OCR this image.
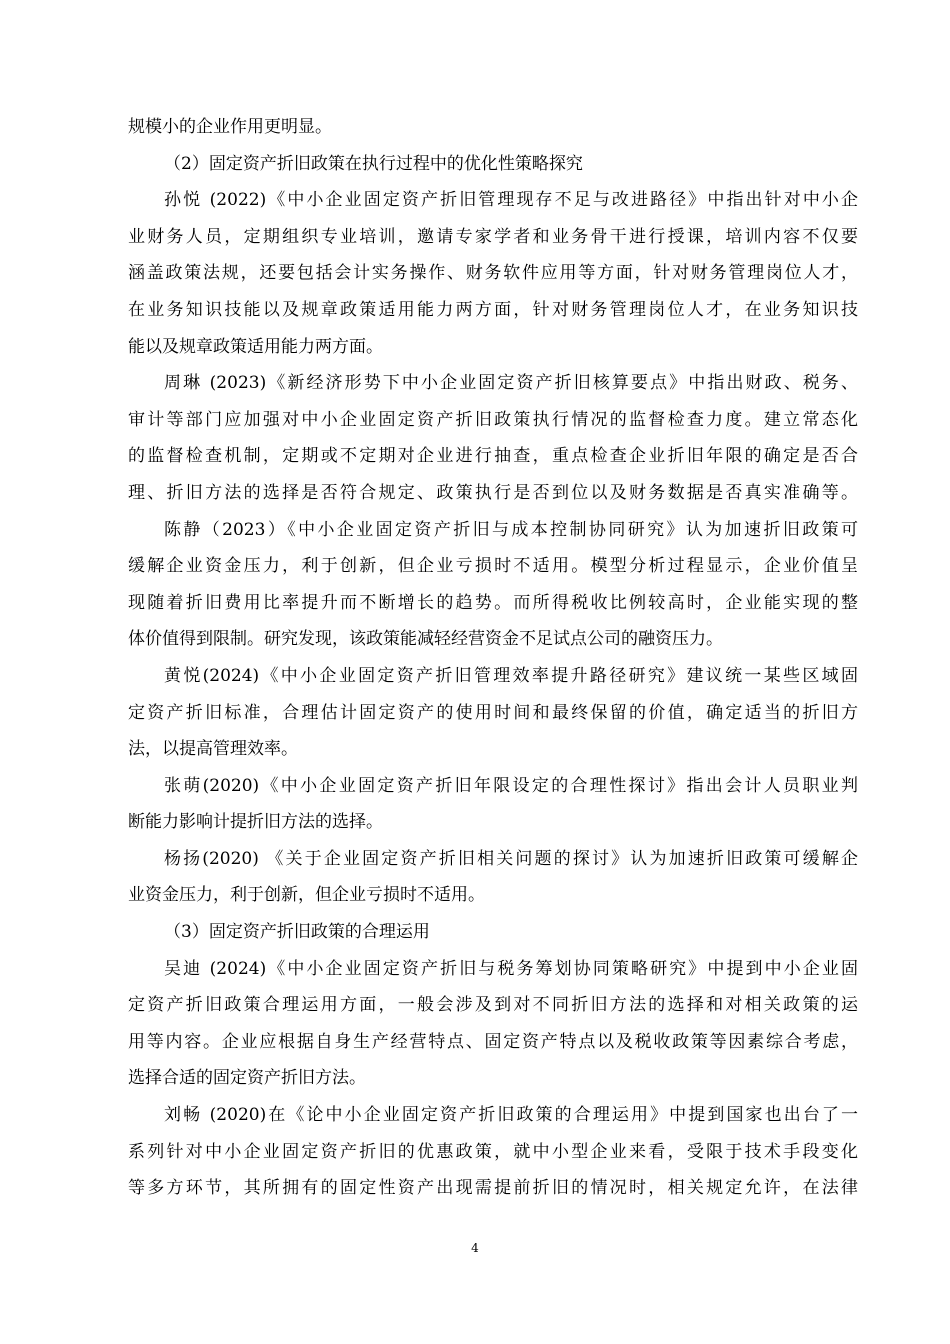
规模小的企业作用更明显。
（2）固定资产折旧政策在执行过程中的优化性策略探究
孙悦 (2022)《中小企业固定资产折旧管理现存不足与改进路径》中指出针对中小企
业财务人员，定期组织专业培训，邀请专家学者和业务骨干进行授课，培训内容不仅要
涵盖政策法规，还要包括会计实务操作、财务软件应用等方面，针对财务管理岗位人才，
在业务知识技能以及规章政策适用能力两方面，针对财务管理岗位人才，在业务知识技
能以及规章政策适用能力两方面。
周琳 (2023)《新经济形势下中小企业固定资产折旧核算要点》中指出财政、税务、
审计等部门应加强对中小企业固定资产折旧政策执行情况的监督检查力度。建立常态化
的监督检查机制，定期或不定期对企业进行抽查，重点检查企业折旧年限的确定是否合
理、折旧方法的选择是否符合规定、政策执行是否到位以及财务数据是否真实准确等。
陈静（2023）《中小企业固定资产折旧与成本控制协同研究》认为加速折旧政策可
缓解企业资金压力，利于创新，但企业亏损时不适用。模型分析过程显示，企业价值呈
现随着折旧费用比率提升而不断增长的趋势。而所得税收比例较高时，企业能实现的整
体价值得到限制。研究发现，该政策能减轻经营资金不足试点公司的融资压力。
黄悦(2024)《中小企业固定资产折旧管理效率提升路径研究》建议统一某些区域固
定资产折旧标准，合理估计固定资产的使用时间和最终保留的价值，确定适当的折旧方
法，以提高管理效率。
张萌(2020)《中小企业固定资产折旧年限设定的合理性探讨》指出会计人员职业判
断能力影响计提折旧方法的选择。
杨扬(2020) 《关于企业固定资产折旧相关问题的探讨》认为加速折旧政策可缓解企
业资金压力，利于创新，但企业亏损时不适用。
（3）固定资产折旧政策的合理运用
吴迪 (2024)《中小企业固定资产折旧与税务筹划协同策略研究》中提到中小企业固
定资产折旧政策合理运用方面，一般会涉及到对不同折旧方法的选择和对相关政策的运
用等内容。企业应根据自身生产经营特点、固定资产特点以及税收政策等因素综合考虑，
选择合适的固定资产折旧方法。
刘畅 (2020)在《论中小企业固定资产折旧政策的合理运用》中提到国家也出台了一
系列针对中小企业固定资产折旧的优惠政策，就中小型企业来看，受限于技术手段变化
等多方环节，其所拥有的固定性资产出现需提前折旧的情况时，相关规定允许，在法律
4
